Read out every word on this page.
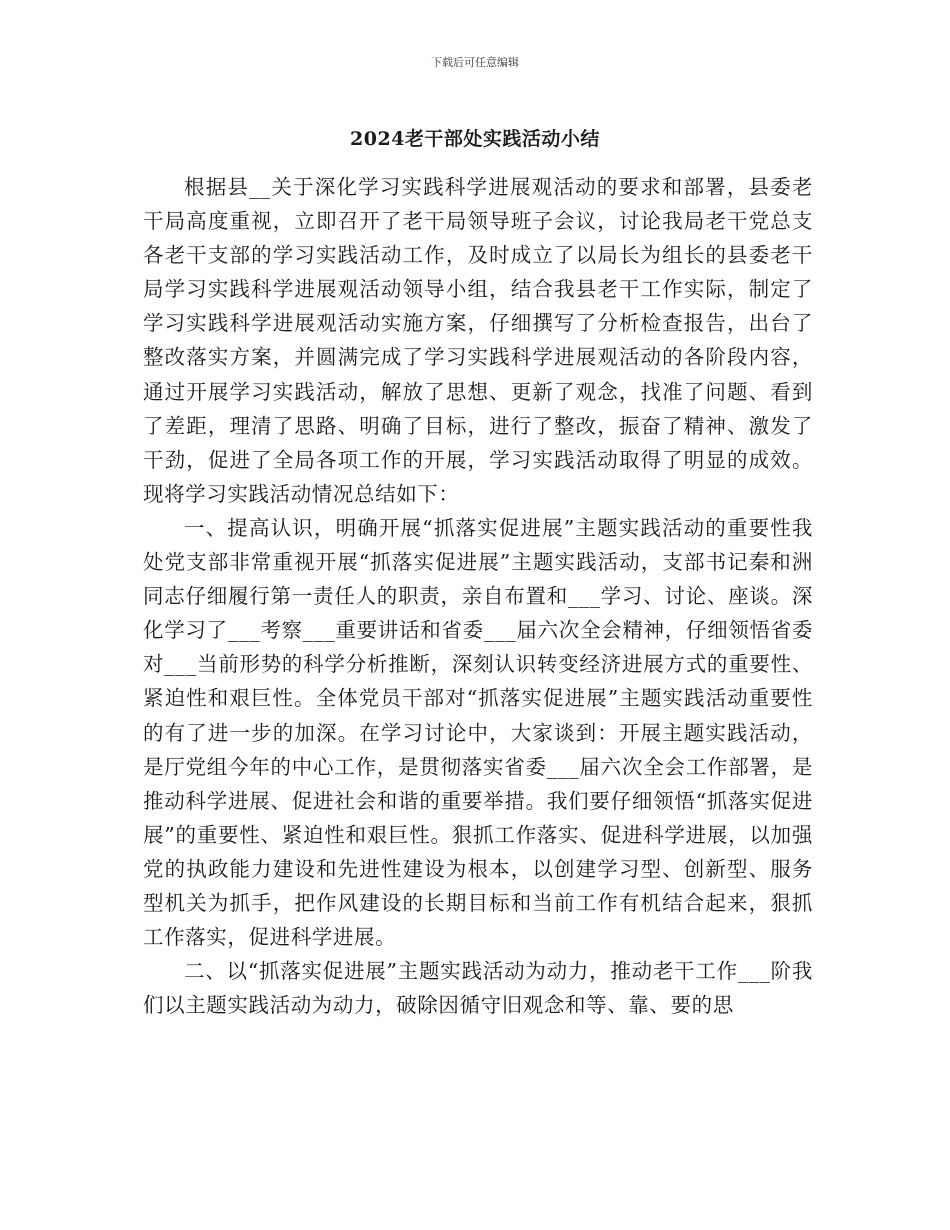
下载后可任意编辑
2024老干部处实践活动小结

根据县__关于深化学习实践科学进展观活动的要求和部署，县委老干局高度重视，立即召开了老干局领导班子会议，讨论我局老干党总支各老干支部的学习实践活动工作，及时成立了以局长为组长的县委老干局学习实践科学进展观活动领导小组，结合我县老干工作实际，制定了学习实践科学进展观活动实施方案，仔细撰写了分析检查报告，出台了整改落实方案，并圆满完成了学习实践科学进展观活动的各阶段内容，通过开展学习实践活动，解放了思想、更新了观念，找准了问题、看到了差距，理清了思路、明确了目标，进行了整改，振奋了精神、激发了干劲，促进了全局各项工作的开展，学习实践活动取得了明显的成效。现将学习实践活动情况总结如下：

一、提高认识，明确开展“抓落实促进展”主题实践活动的重要性我处党支部非常重视开展“抓落实促进展”主题实践活动，支部书记秦和洲同志仔细履行第一责任人的职责，亲自布置和___学习、讨论、座谈。深化学习了___考察___重要讲话和省委___届六次全会精神，仔细领悟省委对___当前形势的科学分析推断，深刻认识转变经济进展方式的重要性、紧迫性和艰巨性。全体党员干部对“抓落实促进展”主题实践活动重要性的有了进一步的加深。在学习讨论中，大家谈到：开展主题实践活动，是厅党组今年的中心工作，是贯彻落实省委___届六次全会工作部署，是推动科学进展、促进社会和谐的重要举措。我们要仔细领悟“抓落实促进展”的重要性、紧迫性和艰巨性。狠抓工作落实、促进科学进展，以加强党的执政能力建设和先进性建设为根本，以创建学习型、创新型、服务型机关为抓手，把作风建设的长期目标和当前工作有机结合起来，狠抓工作落实，促进科学进展。

二、以“抓落实促进展”主题实践活动为动力，推动老干工作___阶我们以主题实践活动为动力，破除因循守旧观念和等、靠、要的思
